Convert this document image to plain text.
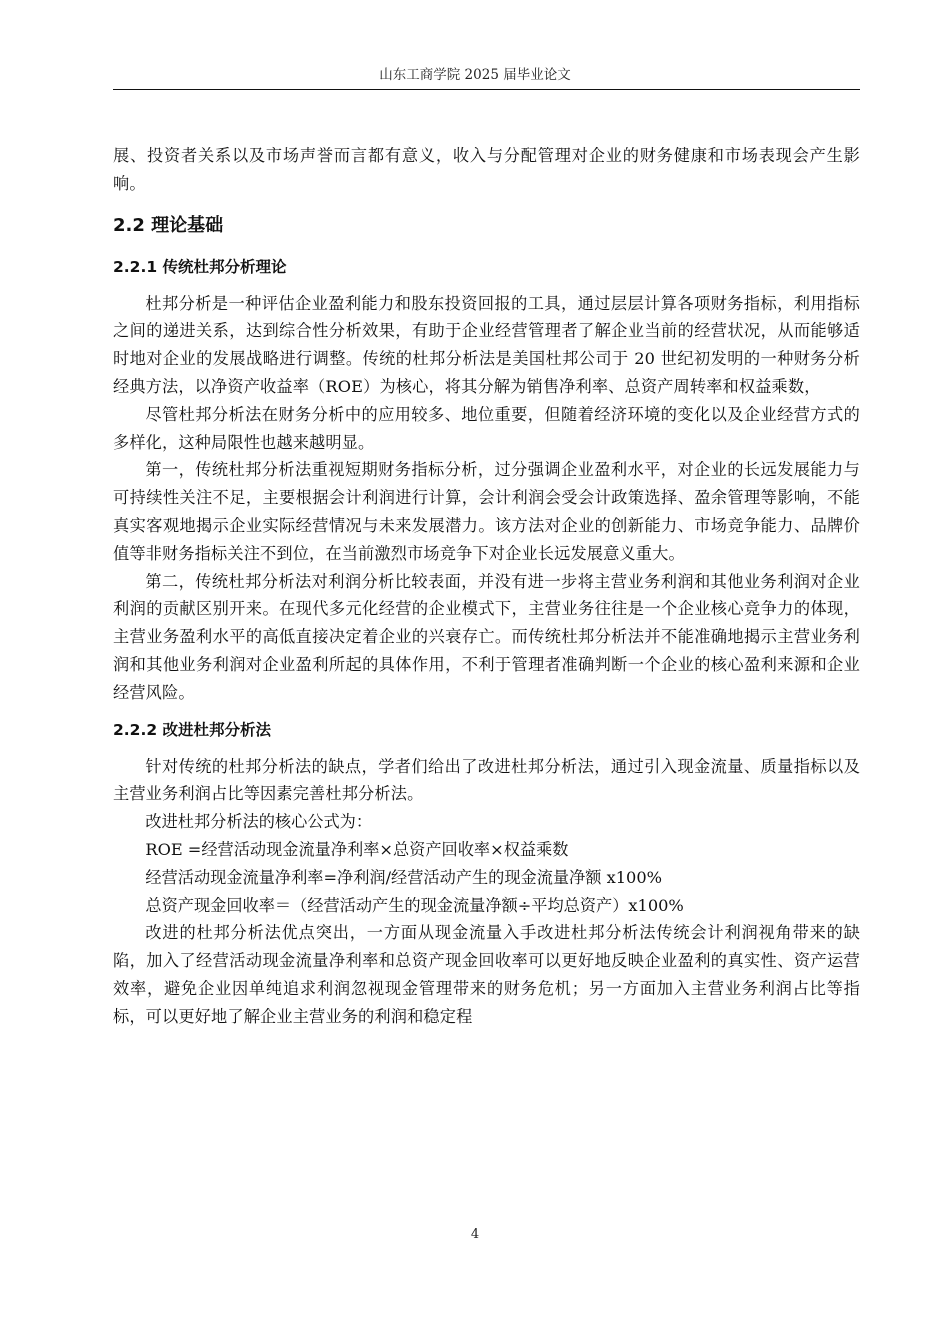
山东工商学院 2025 届毕业论文

展、投资者关系以及市场声誉而言都有意义，收入与分配管理对企业的财务健康和市场表现会产生影响。

2.2 理论基础
2.2.1 传统杜邦分析理论

杜邦分析是一种评估企业盈利能力和股东投资回报的工具，通过层层计算各项财务指标，利用指标之间的递进关系，达到综合性分析效果，有助于企业经营管理者了解企业当前的经营状况，从而能够适时地对企业的发展战略进行调整。传统的杜邦分析法是美国杜邦公司于 20 世纪初发明的一种财务分析经典方法，以净资产收益率（ROE）为核心，将其分解为销售净利率、总资产周转率和权益乘数，

尽管杜邦分析法在财务分析中的应用较多、地位重要，但随着经济环境的变化以及企业经营方式的多样化，这种局限性也越来越明显。

第一，传统杜邦分析法重视短期财务指标分析，过分强调企业盈利水平，对企业的长远发展能力与可持续性关注不足，主要根据会计利润进行计算，会计利润会受会计政策选择、盈余管理等影响，不能真实客观地揭示企业实际经营情况与未来发展潜力。该方法对企业的创新能力、市场竞争能力、品牌价值等非财务指标关注不到位，在当前激烈市场竞争下对企业长远发展意义重大。

第二，传统杜邦分析法对利润分析比较表面，并没有进一步将主营业务利润和其他业务利润对企业利润的贡献区别开来。在现代多元化经营的企业模式下，主营业务往往是一个企业核心竞争力的体现，主营业务盈利水平的高低直接决定着企业的兴衰存亡。而传统杜邦分析法并不能准确地揭示主营业务利润和其他业务利润对企业盈利所起的具体作用，不利于管理者准确判断一个企业的核心盈利来源和企业经营风险。

2.2.2 改进杜邦分析法

针对传统的杜邦分析法的缺点，学者们给出了改进杜邦分析法，通过引入现金流量、质量指标以及主营业务利润占比等因素完善杜邦分析法。

改进杜邦分析法的核心公式为：

ROE =经营活动现金流量净利率×总资产回收率×权益乘数

经营活动现金流量净利率=净利润/经营活动产生的现金流量净额 x100%

总资产现金回收率＝（经营活动产生的现金流量净额÷平均总资产）x100%

改进的杜邦分析法优点突出，一方面从现金流量入手改进杜邦分析法传统会计利润视角带来的缺陷，加入了经营活动现金流量净利率和总资产现金回收率可以更好地反映企业盈利的真实性、资产运营效率，避免企业因单纯追求利润忽视现金管理带来的财务危机；另一方面加入主营业务利润占比等指标，可以更好地了解企业主营业务的利润和稳定程

4
